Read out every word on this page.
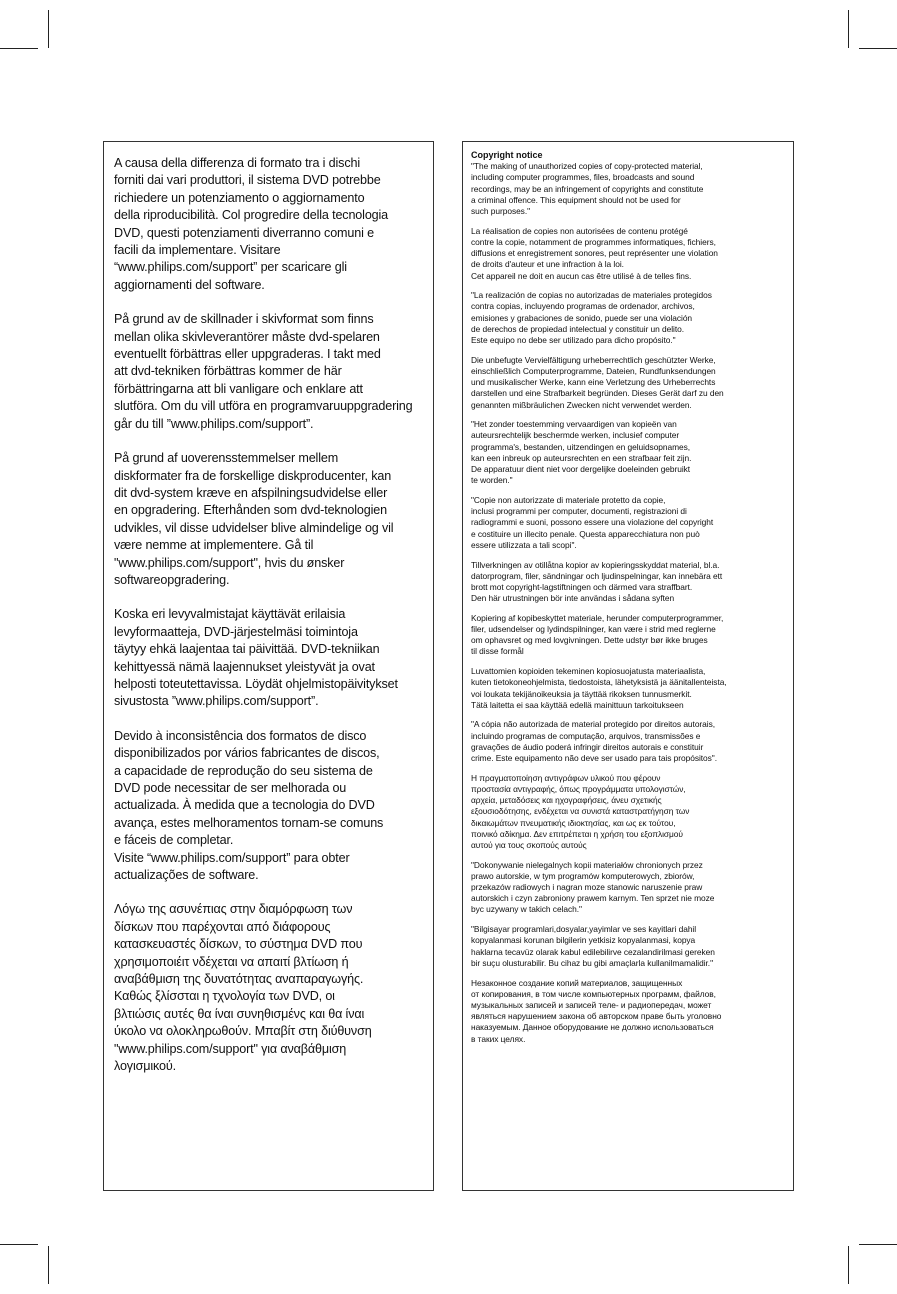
A causa della differenza di formato tra i dischi
forniti dai vari produttori, il sistema DVD potrebbe
richiedere un potenziamento o aggiornamento
della riproducibilità. Col progredire della tecnologia
DVD, questi potenziamenti diverranno comuni e
facili da implementare. Visitare
“www.philips.com/support” per scaricare gli
aggiornamenti del software.
På grund av de skillnader i skivformat som finns
mellan olika skivleverantörer måste dvd-spelaren
eventuellt förbättras eller uppgraderas. I takt med
att dvd-tekniken förbättras kommer de här
förbättringarna att bli vanligare och enklare att
slutföra. Om du vill utföra en programvaruuppgradering
går du till ”www.philips.com/support”.
På grund af uoverensstemmelser mellem
diskformater fra de forskellige diskproducenter, kan
dit dvd-system kræve en afspilningsudvidelse eller
en opgradering. Efterhånden som dvd-teknologien
udvikles, vil disse udvidelser blive almindelige og vil
være nemme at implementere. Gå til
"www.philips.com/support", hvis du ønsker
softwareopgradering.
Koska eri levyvalmistajat käyttävät erilaisia
levyformaatteja, DVD-järjestelmäsi toimintoja
täytyy ehkä laajentaa tai päivittää. DVD-tekniikan
kehittyessä nämä laajennukset yleistyvät ja ovat
helposti toteutettavissa. Löydät ohjelmistopäivitykset
sivustosta ”www.philips.com/support”.
Devido à inconsistência dos formatos de disco
disponibilizados por vários fabricantes de discos,
a capacidade de reprodução do seu sistema de
DVD pode necessitar de ser melhorada ou
actualizada. À medida que a tecnologia do DVD
avança, estes melhoramentos tornam-se comuns
e fáceis de completar.
Visite “www.philips.com/support” para obter
actualizações de software.
Λόγω της ασυνέπιας στην διαμόρφωση των
δίσκων που παρέχονται από διάφορους
κατασκευαστές δίσκων, το σύστημα DVD που
χρησιμοποιέιτ νδέχεται να απαιτί βλτίωση ή
αναβάθμιση της δυνατότητας αναπαραγωγής.
Καθώς ξλίσσται η τχνολογία των DVD, οι
βλτιώσις αυτές θα ίναι συνηθισμένς και θα ίναι
ύκολο να ολοκληρωθούν. Μπαβίτ στη διύθυνση
"www.philips.com/support" για αναβάθμιση
λογισμικού.
Copyright notice
"The making of unauthorized copies of copy-protected material,
including computer programmes, files, broadcasts and sound
recordings, may be an infringement of copyrights and constitute
a criminal offence. This equipment should not be used for
such purposes."
La réalisation de copies non autorisées de contenu protégé
contre la copie, notamment de programmes informatiques, fichiers,
diffusions et enregistrement sonores, peut représenter une violation
de droits d'auteur et une infraction à la loi.
Cet appareil ne doit en aucun cas être utilisé à de telles fins.
"La realización de copias no autorizadas de materiales protegidos
contra copias, incluyendo programas de ordenador, archivos,
emisiones y grabaciones de sonido, puede ser una violación
de derechos de propiedad intelectual y constituir un delito.
Este equipo no debe ser utilizado para dicho propósito."
Die unbefugte Vervielfältigung urheberrechtlich geschützter Werke,
einschließlich Computerprogramme, Dateien, Rundfunksendungen
und musikalischer Werke, kann eine Verletzung des Urheberrechts
darstellen und eine Strafbarkeit begründen. Dieses Gerät darf zu den
genannten mißbräulichen Zwecken nicht verwendet werden.
"Het zonder toestemming vervaardigen van kopieën van
auteursrechtelijk beschermde werken, inclusief computer
programma's, bestanden, uitzendingen en geluidsopnames,
kan een inbreuk op auteursrechten en een strafbaar feit zijn.
De apparatuur dient niet voor dergelijke doeleinden gebruikt
te worden."
"Copie non autorizzate di materiale protetto da copie,
inclusi programmi per computer, documenti, registrazioni di
radiogrammi e suoni, possono essere una violazione del copyright
e costituire un illecito penale. Questa apparecchiatura non può
essere utilizzata a tali scopi".
Tillverkningen av otillåtna kopior av kopieringsskyddat material, bl.a.
datorprogram, filer, sändningar och ljudinspelningar, kan innebära ett
brott mot copyright-lagstiftningen och därmed vara straffbart.
Den här utrustningen bör inte användas i sådana syften
Kopiering af kopibeskyttet materiale, herunder computerprogrammer,
filer, udsendelser og lydindspilninger, kan være i strid med reglerne
om ophavsret og med lovgivningen. Dette udstyr bør ikke bruges
til disse formål
Luvattomien kopioiden tekeminen kopiosuojatusta materiaalista,
kuten tietokoneohjelmista, tiedostoista, lähetyksistä ja äänitallenteista,
voi loukata tekijänoikeuksia ja täyttää rikoksen tunnusmerkit.
Tätä laitetta ei saa käyttää edellä mainittuun tarkoitukseen
"A cópia não autorizada de material protegido por direitos autorais,
incluindo programas de computação, arquivos, transmissões e
gravações de áudio poderá infringir direitos autorais e constituir
crime. Este equipamento não deve ser usado para tais propósitos".
Η πραγματοποίηση αντιγράφων υλικού που φέρουν
προστασία αντιγραφής, όπως προγράμματα υπολογιστών,
αρχεία, μεταδόσεις και ηχογραφήσεις, άνευ σχετικής
εξουσιοδότησης, ενδέχεται να συνιστά καταστρατήγηση των
δικαιωμάτων πνευματικής ιδιοκτησίας, και ως εκ τούτου,
ποινικό αδίκημα. Δεν επιτρέπεται η χρήση του εξοπλισμού
αυτού για τους σκοπούς αυτούς
"Dokonywanie nielegalnych kopii materiałów chronionych przez
prawo autorskie, w tym programów komputerowych, zbiorów,
przekazów radiowych i nagran moze stanowic naruszenie praw
autorskich i czyn zabroniony prawem karnym. Ten sprzet nie moze
byc uzywany w takich celach."
"Bilgisayar programlari,dosyalar,yayimlar ve ses kayitlari dahil
kopyalanmasi korunan bilgilerin yetkisiz kopyalanmasi, kopya
haklarna tecavüz olarak kabul edilebilirve cezalandirilmasi gereken
bir suçu olusturabilir. Bu cihaz bu gibi amaçlarla kullanilmamalidir."
Незаконное создание копий материалов, защищенных
от копирования, в том числе компьютерных программ, файлов,
музыкальных записей и записей теле- и радиопередач, может
являться нарушением закона об авторском праве быть уголовно
наказуемым. Данное оборудование не должно использоваться
в таких целях.
